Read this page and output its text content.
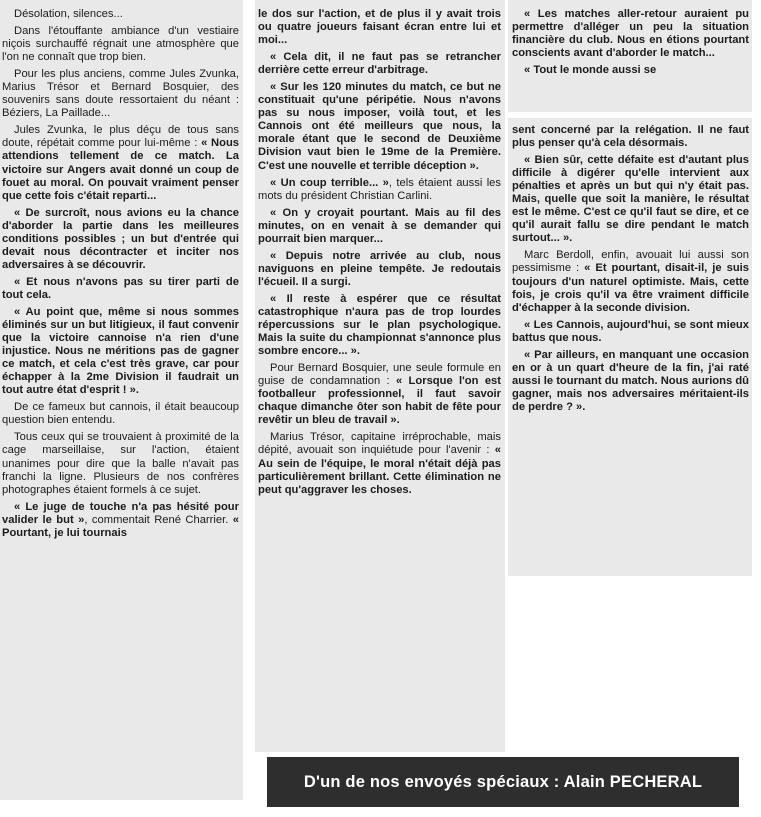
Désolation, silences...

Dans l'étouffante ambiance d'un vestiaire niçois surchauffé régnait une atmosphère que l'on ne connaît que trop bien.

Pour les plus anciens, comme Jules Zvunka, Marius Trésor et Bernard Bosquier, des souvenirs sans doute ressortaient du néant : Béziers, La Paillade...

Jules Zvunka, le plus déçu de tous sans doute, répétait comme pour lui-même : « Nous attendions tellement de ce match. La victoire sur Angers avait donné un coup de fouet au moral. On pouvait vraiment penser que cette fois c'était reparti...

« De surcroît, nous avions eu la chance d'aborder la partie dans les meilleures conditions possibles ; un but d'entrée qui devait nous décontracter et inciter nos adversaires à se découvrir.

« Et nous n'avons pas su tirer parti de tout cela.

« Au point que, même si nous sommes éliminés sur un but litigieux, il faut convenir que la victoire cannoise n'a rien d'une injustice. Nous ne méritions pas de gagner ce match, et cela c'est très grave, car pour échapper à la 2me Division il faudrait un tout autre état d'esprit ! ».

De ce fameux but cannois, il était beaucoup question bien entendu.

Tous ceux qui se trouvaient à proximité de la cage marseillaise, sur l'action, étaient unanimes pour dire que la balle n'avait pas franchi la ligne. Plusieurs de nos confrères photographes étaient formels à ce sujet.

« Le juge de touche n'a pas hésité pour valider le but », commentait René Charrier. « Pourtant, je lui tournais

le dos sur l'action, et de plus il y avait trois ou quatre joueurs faisant écran entre lui et moi...

« Cela dit, il ne faut pas se retrancher derrière cette erreur d'arbitrage.

« Sur les 120 minutes du match, ce but ne constituait qu'une péripétie. Nous n'avons pas su nous imposer, voilà tout, et les Cannois ont été meilleurs que nous, la morale étant que le second de Deuxième Division vaut bien le 19me de la Première. C'est une nouvelle et terrible déception ».

« Un coup terrible... », tels étaient aussi les mots du président Christian Carlini.

« On y croyait pourtant. Mais au fil des minutes, on en venait à se demander qui pourrait bien marquer...

« Depuis notre arrivée au club, nous naviguons en pleine tempête. Je redoutais l'écueil. Il a surgi.

« Il reste à espérer que ce résultat catastrophique n'aura pas de trop lourdes répercussions sur le plan psychologique. Mais la suite du championnat s'annonce plus sombre encore... ».

Pour Bernard Bosquier, une seule formule en guise de condamnation : « Lorsque l'on est footballeur professionnel, il faut savoir chaque dimanche ôter son habit de fête pour revêtir un bleu de travail ».

Marius Trésor, capitaine irréprochable, mais dépité, avouait son inquiétude pour l'avenir : « Au sein de l'équipe, le moral n'était déjà pas particulièrement brillant. Cette élimination ne peut qu'aggraver les choses.

« Les matches aller-retour auraient pu permettre d'alléger un peu la situation financière du club. Nous en étions pourtant conscients avant d'aborder le match...

« Tout le monde aussi se

sent concerné par la relégation. Il ne faut plus penser qu'à cela désormais.

« Bien sûr, cette défaite est d'autant plus difficile à digérer qu'elle intervient aux pénalties et après un but qui n'y était pas. Mais, quelle que soit la manière, le résultat est le même. C'est ce qu'il faut se dire, et ce qu'il aurait fallu se dire pendant le match surtout... ».

Marc Berdoll, enfin, avouait lui aussi son pessimisme : « Et pourtant, disait-il, je suis toujours d'un naturel optimiste. Mais, cette fois, je crois qu'il va être vraiment difficile d'échapper à la seconde division.

« Les Cannois, aujourd'hui, se sont mieux battus que nous.

« Par ailleurs, en manquant une occasion en or à un quart d'heure de la fin, j'ai raté aussi le tournant du match. Nous aurions dû gagner, mais nos adversaires méritaient-ils de perdre ? ».

D'un de nos envoyés spéciaux : Alain PECHERAL
